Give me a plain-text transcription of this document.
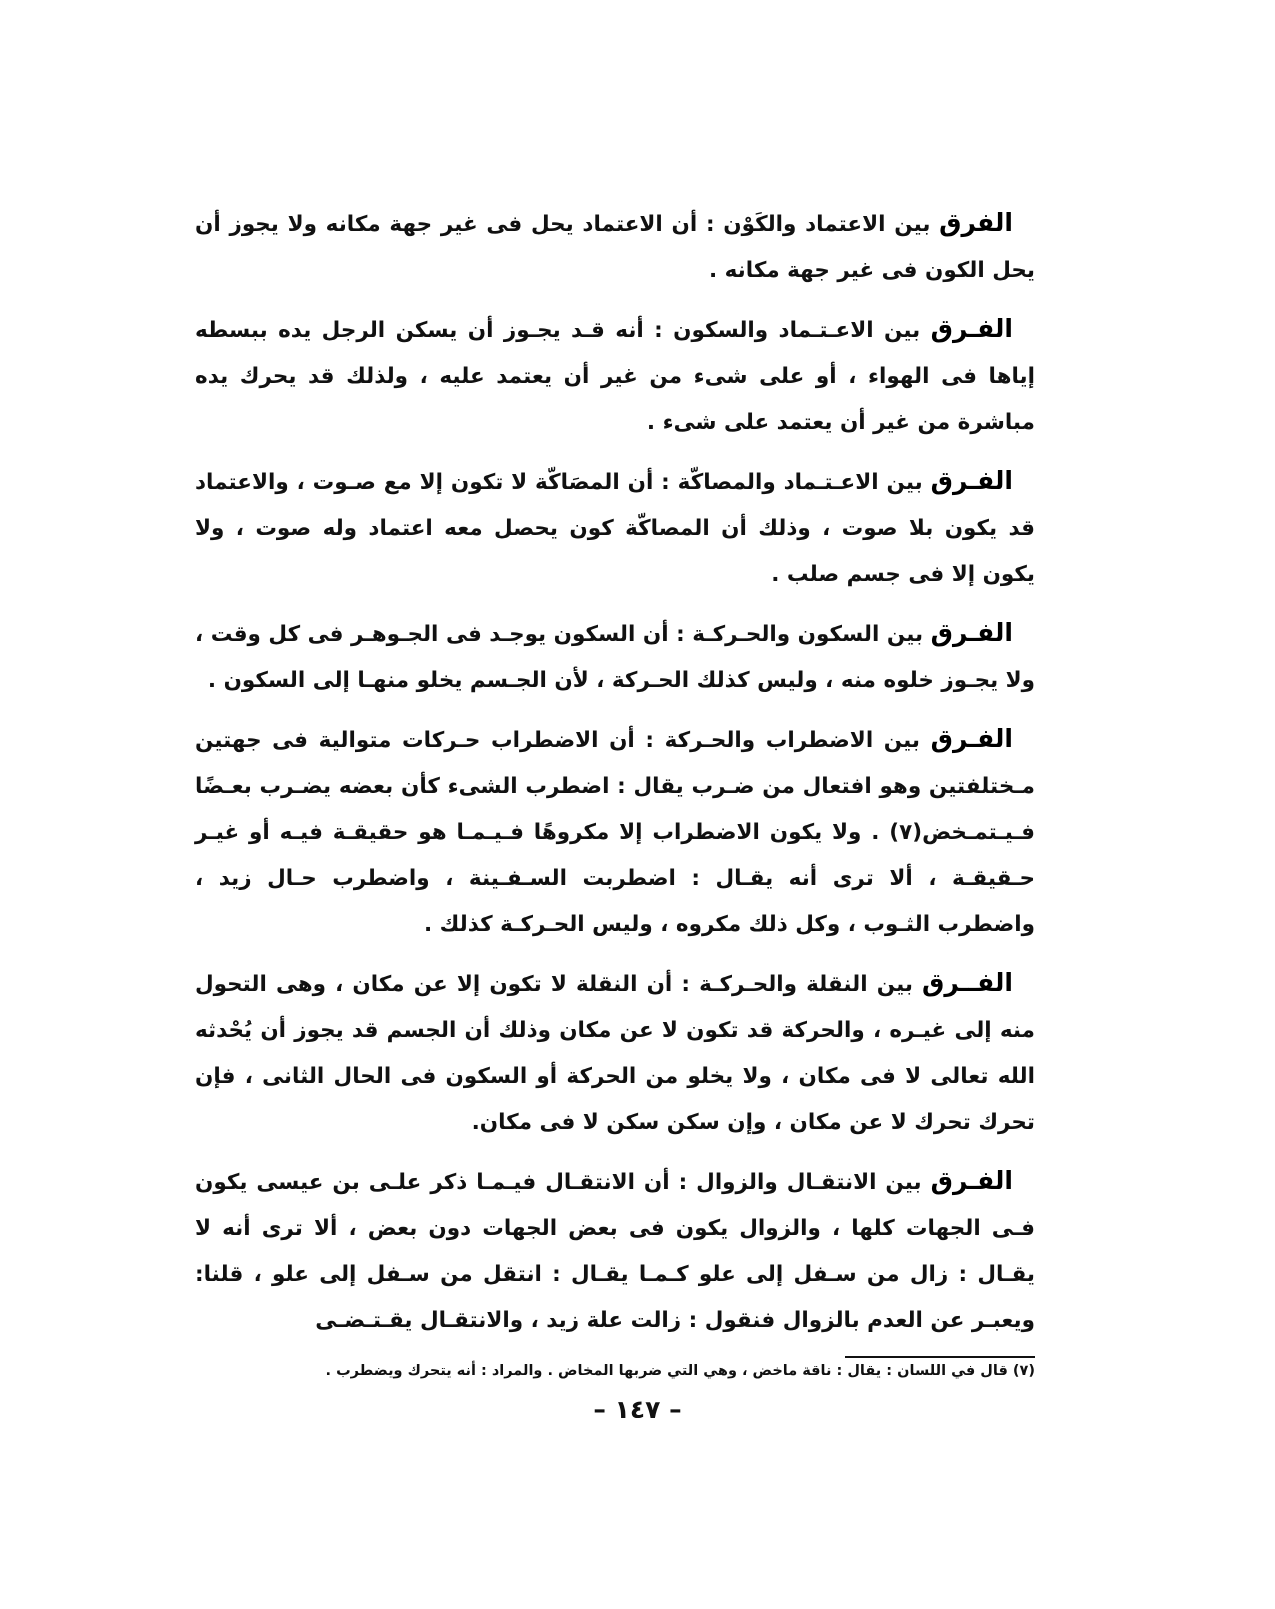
الفرق بين الاعتماد والكَوْن : أن الاعتماد يحل فى غير جهة مكانه ولا يجوز أن يحل الكون فى غير جهة مكانه .

الفـرق بين الاعـتـماد والسكون : أنه قـد يجـوز أن يسكن الرجل يده ببسطه إياها فى الهواء ، أو على شىء من غير أن يعتمد عليه ، ولذلك قد يحرك يده مباشرة من غير أن يعتمد على شىء .

الفـرق بين الاعـتـماد والمصاكّة : أن المصَاكّة لا تكون إلا مع صـوت ، والاعتماد قد يكون بلا صوت ، وذلك أن المصاكّة كون يحصل معه اعتماد وله صوت ، ولا يكون إلا فى جسم صلب .

الفـرق بين السكون والحـركـة : أن السكون يوجـد فى الجـوهـر فى كل وقت ، ولا يجـوز خلوه منه ، وليس كذلك الحـركة ، لأن الجـسم يخلو منهـا إلى السكون .

الفـرق بين الاضطراب والحـركة : أن الاضطراب حـركات متوالية فى جهتين مـختلفتين وهو افتعال من ضـرب يقال : اضطرب الشىء كأن بعضه يضـرب بعـضًا فـيـتمـخض(٧) . ولا يكون الاضطراب إلا مكروهًا فـيـمـا هو حقيقـة فيـه أو غيـر حـقيقـة ، ألا ترى أنه يقـال : اضطربت السـفـينة ، واضطرب حـال زيد ، واضطرب الثـوب ، وكل ذلك مكروه ، وليس الحـركـة كذلك .

الفــرق بين النقلة والحـركـة : أن النقلة لا تكون إلا عن مكان ، وهى التحول منه إلى غيـره ، والحركة قد تكون لا عن مكان وذلك أن الجسم قد يجوز أن يُحْدثه الله تعالى لا فى مكان ، ولا يخلو من الحركة أو السكون فى الحال الثانى ، فإن تحرك تحرك لا عن مكان ، وإن سكن سكن لا فى مكان.

الفـرق بين الانتقـال والزوال : أن الانتقـال فيـمـا ذكر علـى بن عيسى يكون فـى الجهات كلها ، والزوال يكون فى بعض الجهات دون بعض ، ألا ترى أنه لا يقـال : زال من سـفل إلى علو كـمـا يقـال : انتقل من سـفل إلى علو ، قلنا: ويعبـر عن العدم بالزوال فنقول : زالت علة زيد ، والانتقـال يقـتـضـى

(٧) قال في اللسان : يقال : ناقة ماخض ، وهي التي ضربها المخاض . والمراد : أنه يتحرك ويضطرب .

– ١٤٧ –
